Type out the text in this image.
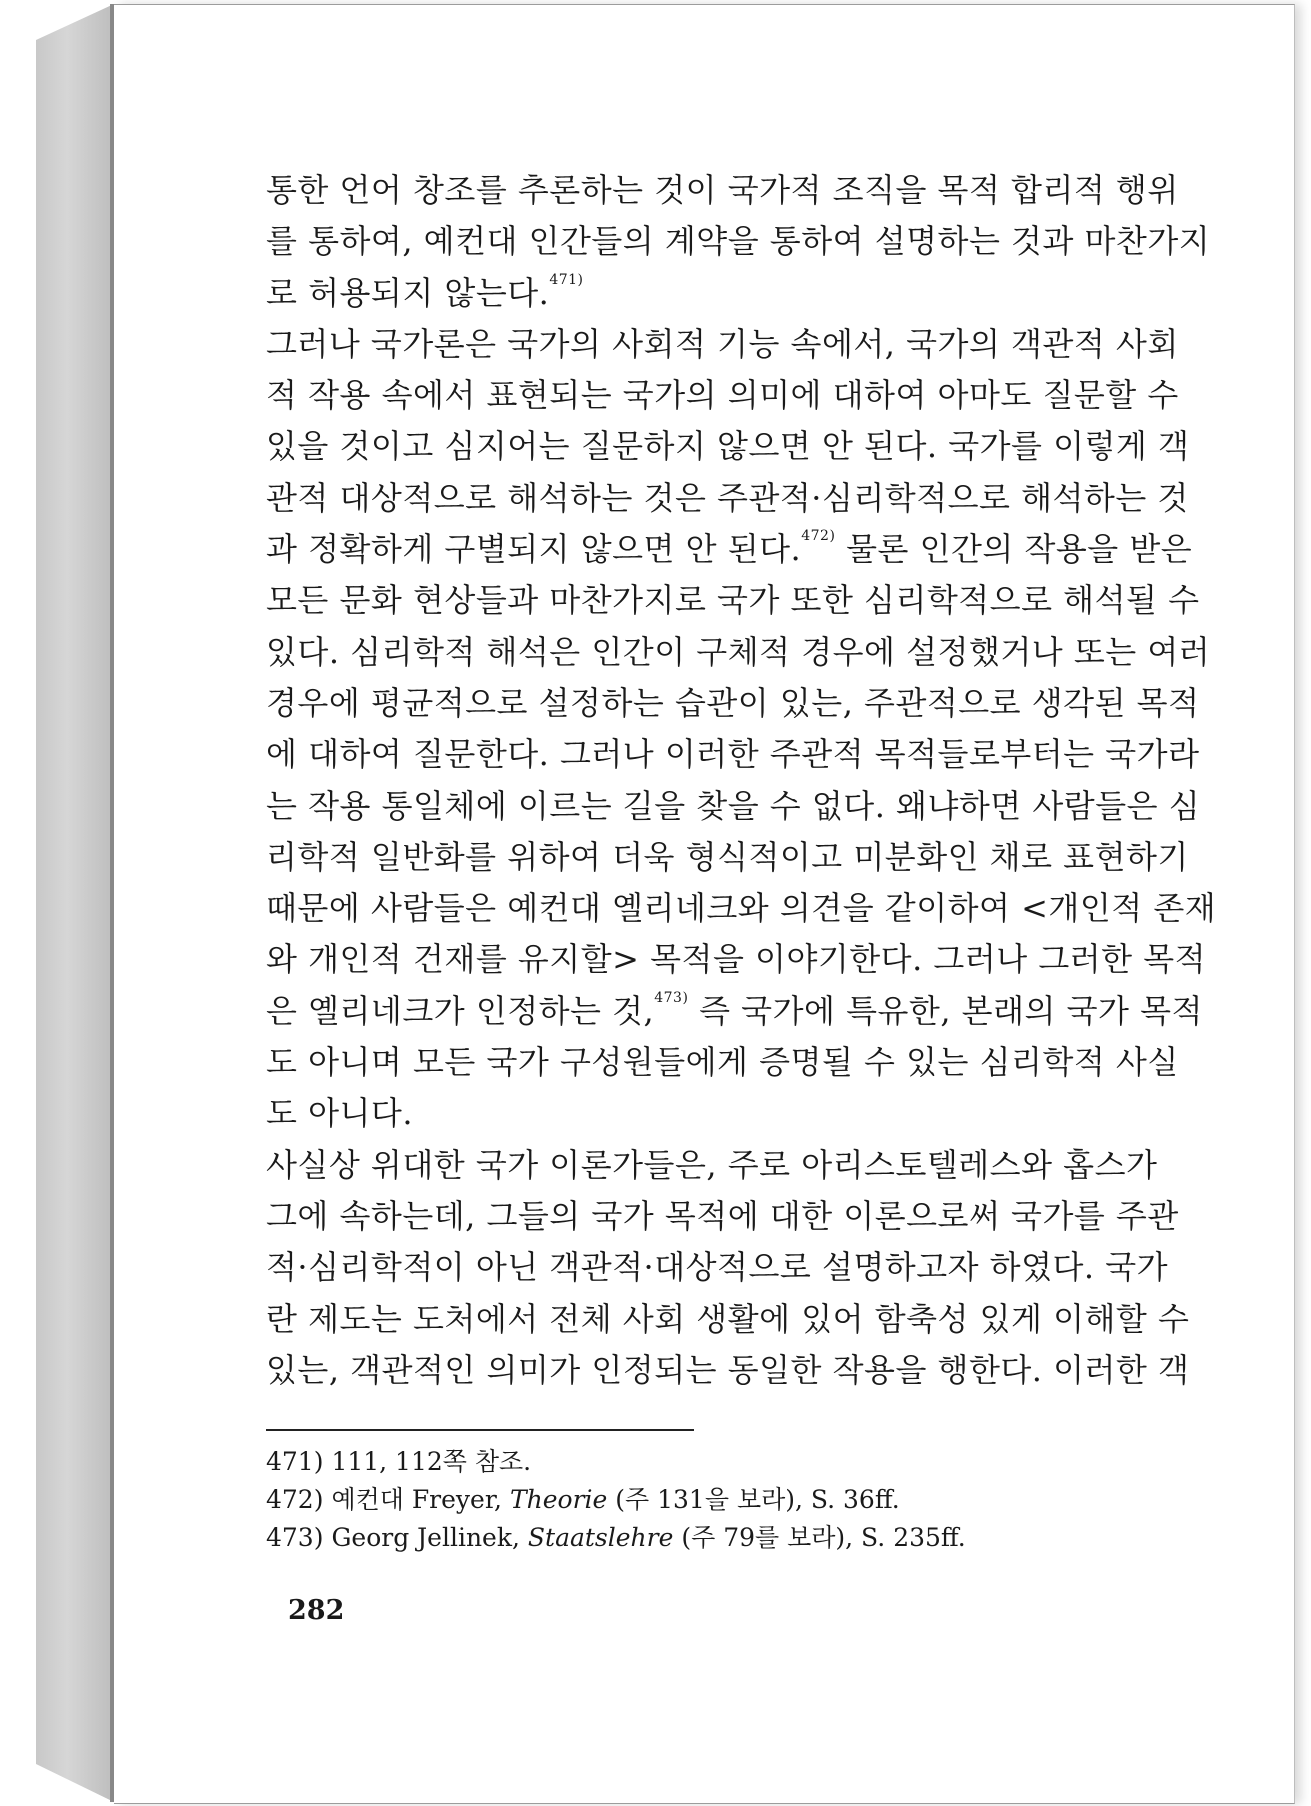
통한 언어 창조를 추론하는 것이 국가적 조직을 목적 합리적 행위
를 통하여, 예컨대 인간들의 계약을 통하여 설명하는 것과 마찬가지
로 허용되지 않는다.$^{471)}$

그러나 국가론은 국가의 사회적 기능 속에서, 국가의 객관적 사회
적 작용 속에서 표현되는 국가의 의미에 대하여 아마도 질문할 수
있을 것이고 심지어는 질문하지 않으면 안 된다. 국가를 이렇게 객
관적 대상적으로 해석하는 것은 주관적·심리학적으로 해석하는 것
과 정확하게 구별되지 않으면 안 된다.$^{472)}$ 물론 인간의 작용을 받은
모든 문화 현상들과 마찬가지로 국가 또한 심리학적으로 해석될 수
있다. 심리학적 해석은 인간이 구체적 경우에 설정했거나 또는 여러
경우에 평균적으로 설정하는 습관이 있는, 주관적으로 생각된 목적
에 대하여 질문한다. 그러나 이러한 주관적 목적들로부터는 국가라
는 작용 통일체에 이르는 길을 찾을 수 없다. 왜냐하면 사람들은 심
리학적 일반화를 위하여 더욱 형식적이고 미분화인 채로 표현하기
때문에 사람들은 예컨대 옐리네크와 의견을 같이하여 <개인적 존재
와 개인적 건재를 유지할> 목적을 이야기한다. 그러나 그러한 목적
은 옐리네크가 인정하는 것,$^{473)}$ 즉 국가에 특유한, 본래의 국가 목적
도 아니며 모든 국가 구성원들에게 증명될 수 있는 심리학적 사실
도 아니다.

사실상 위대한 국가 이론가들은, 주로 아리스토텔레스와 홉스가
그에 속하는데, 그들의 국가 목적에 대한 이론으로써 국가를 주관
적·심리학적이 아닌 객관적·대상적으로 설명하고자 하였다. 국가
란 제도는 도처에서 전체 사회 생활에 있어 함축성 있게 이해할 수
있는, 객관적인 의미가 인정되는 동일한 작용을 행한다. 이러한 객

471) 111, 112쪽 참조.

472) 예컨대 Freyer, Theorie (주 131을 보라), S. 36ff.

473) Georg Jellinek, Staatslehre (주 79를 보라), S. 235ff.

282
